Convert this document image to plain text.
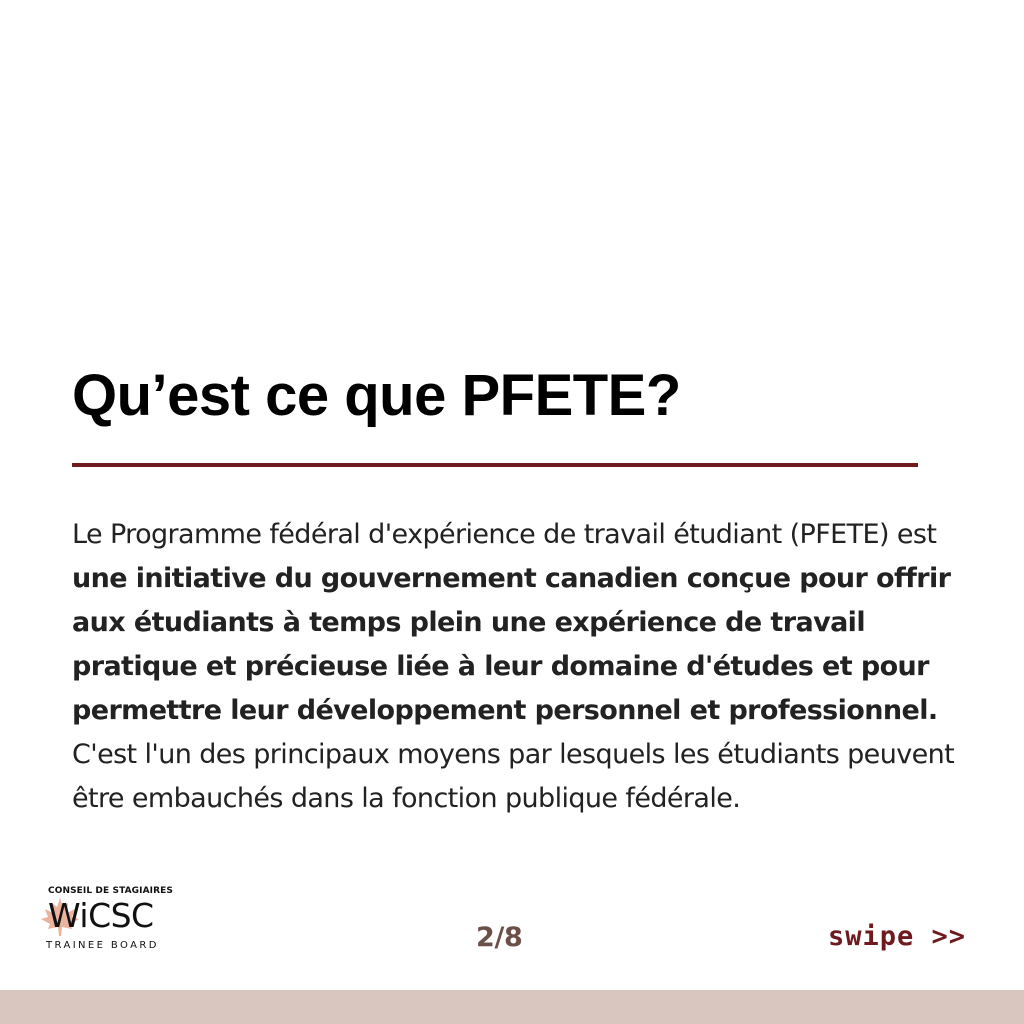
Qu’est ce que PFETE?

Le Programme fédéral d'expérience de travail étudiant (PFETE) est une initiative du gouvernement canadien conçue pour offrir aux étudiants à temps plein une expérience de travail pratique et précieuse liée à leur domaine d'études et pour permettre leur développement personnel et professionnel. C'est l'un des principaux moyens par lesquels les étudiants peuvent être embauchés dans la fonction publique fédérale.

CONSEIL DE STAGIAIRES
WiCSC
TRAINEE BOARD	2/8	swipe >>
